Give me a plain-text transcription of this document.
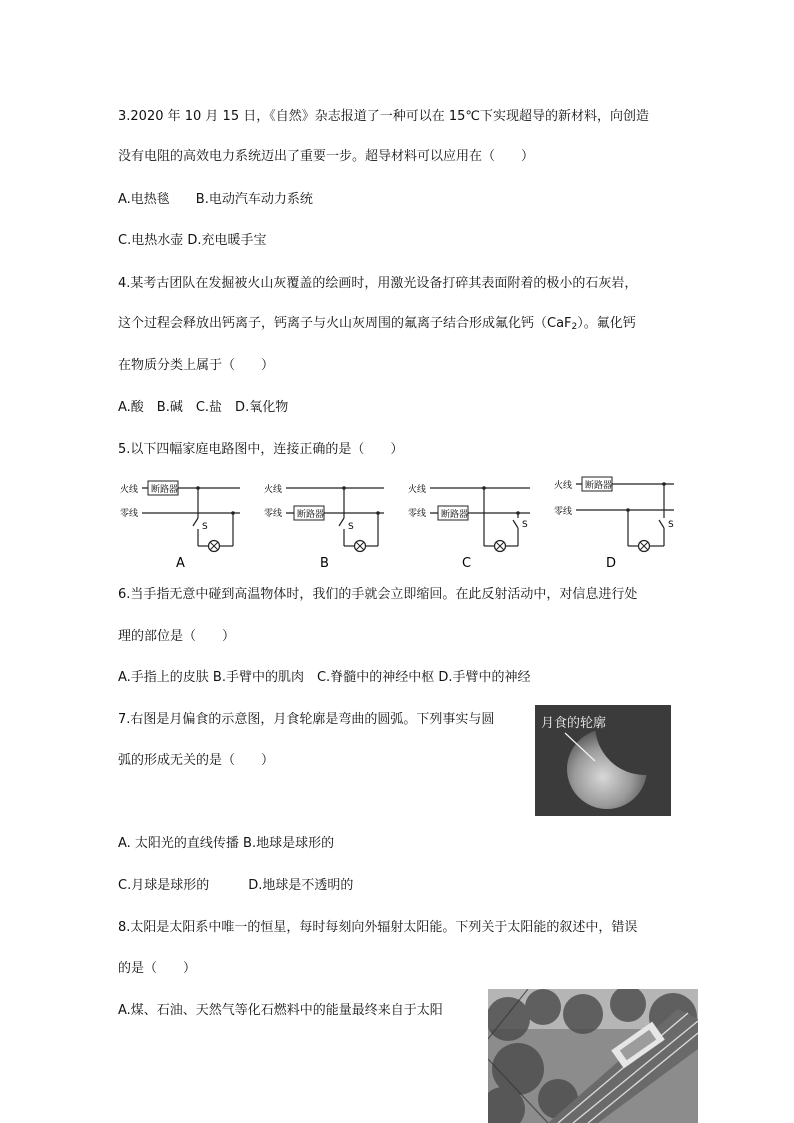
3.2020 年 10 月 15 日，《自然》杂志报道了一种可以在 15℃下实现超导的新材料，向创造
没有电阻的高效电力系统迈出了重要一步。超导材料可以应用在（　　）
A.电热毯　　B.电动汽车动力系统
C.电热水壶 D.充电暖手宝
4.某考古团队在发掘被火山灰覆盖的绘画时，用激光设备打碎其表面附着的极小的石灰岩，
这个过程会释放出钙离子，钙离子与火山灰周围的氟离子结合形成氟化钙（CaF$_2$）。氟化钙
在物质分类上属于（　　）
A.酸　B.碱　C.盐　D.氧化物
5.以下四幅家庭电路图中，连接正确的是（　　）
火线
零线
断路器
S
A
火线
零线 断路器
S
B
火线
零线 断路器
S
C
火线
零线
断路器
S
D
6.当手指无意中碰到高温物体时，我们的手就会立即缩回。在此反射活动中，对信息进行处
理的部位是（　　）
A.手指上的皮肤 B.手臂中的肌肉　C.脊髓中的神经中枢 D.手臂中的神经
7.右图是月偏食的示意图，月食轮廓是弯曲的圆弧。下列事实与圆
弧的形成无关的是（　　）
月食的轮廓
A. 太阳光的直线传播 B.地球是球形的
C.月球是球形的　　　D.地球是不透明的
8.太阳是太阳系中唯一的恒星，每时每刻向外辐射太阳能。下列关于太阳能的叙述中，错误
的是（　　）
A.煤、石油、天然气等化石燃料中的能量最终来自于太阳
